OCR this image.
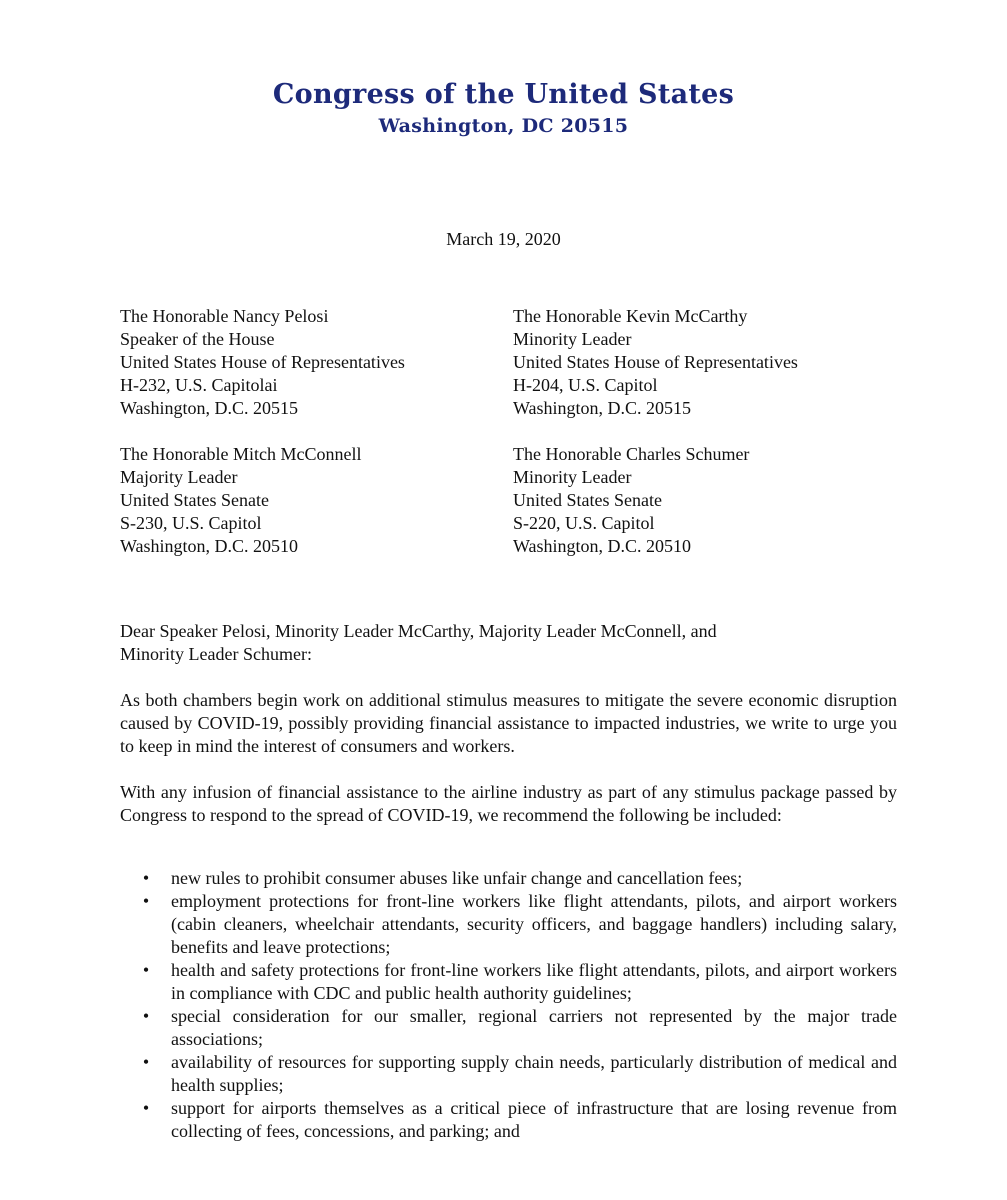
Congress of the United States
Washington, DC 20515
March 19, 2020
The Honorable Nancy Pelosi
Speaker of the House
United States House of Representatives
H-232, U.S. Capitolai
Washington, D.C. 20515
The Honorable Kevin McCarthy
Minority Leader
United States House of Representatives
H-204, U.S. Capitol
Washington, D.C. 20515
The Honorable Mitch McConnell
Majority Leader
United States Senate
S-230, U.S. Capitol
Washington, D.C. 20510
The Honorable Charles Schumer
Minority Leader
United States Senate
S-220, U.S. Capitol
Washington, D.C. 20510
Dear Speaker Pelosi, Minority Leader McCarthy, Majority Leader McConnell, and
Minority Leader Schumer:
As both chambers begin work on additional stimulus measures to mitigate the severe economic disruption caused by COVID-19, possibly providing financial assistance to impacted industries, we write to urge you to keep in mind the interest of consumers and workers.
With any infusion of financial assistance to the airline industry as part of any stimulus package passed by Congress to respond to the spread of COVID-19, we recommend the following be included:
• new rules to prohibit consumer abuses like unfair change and cancellation fees;
• employment protections for front-line workers like flight attendants, pilots, and airport workers (cabin cleaners, wheelchair attendants, security officers, and baggage handlers) including salary, benefits and leave protections;
• health and safety protections for front-line workers like flight attendants, pilots, and airport workers in compliance with CDC and public health authority guidelines;
• special consideration for our smaller, regional carriers not represented by the major trade associations;
• availability of resources for supporting supply chain needs, particularly distribution of medical and health supplies;
• support for airports themselves as a critical piece of infrastructure that are losing revenue from collecting of fees, concessions, and parking; and
